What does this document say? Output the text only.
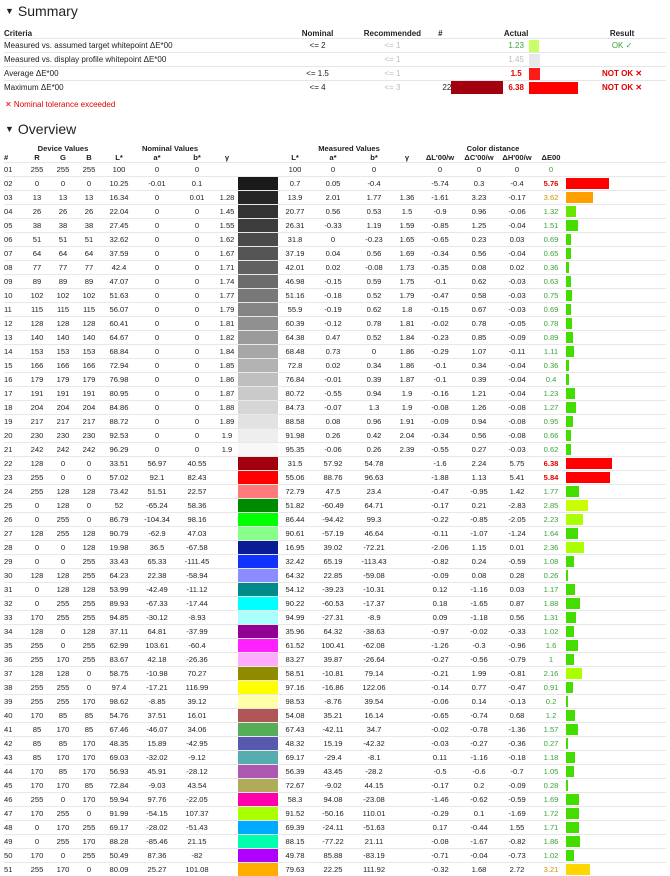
▼ Summary
Criteria	Nominal	Recommended	#		Actual		Result
Measured vs. assumed target whitepoint ΔE*00	<= 2	<= 1			1.23		OK ✓
Measured vs. display profile whitepoint ΔE*00		<= 1			1.45	

Average ΔE*00	<= 1.5	<= 1			1.5		NOT OK ✕
Maximum ΔE*00	<= 4	<= 3	22		6.38		NOT OK ✕
✕ Nominal tolerance exceeded
▼ Overview
	Device Values			Nominal Values					Measured Values				Color distance				
#	R	G	B	L*	a*	b*	γ		L*	a*	b*	γ	ΔL'00/w	ΔC'00/w	ΔH'00/w	ΔE00	
01	255	255	255	100	0	0			100	0	0		0	0	0	0	

02	0	0	0	10.25	-0.01	0.1			0.7	0.05	-0.4		-5.74	0.3	-0.4	5.76	

03	13	13	13	16.34	0	0.01	1.28		13.9	2.01	1.77	1.36	-1.61	3.23	-0.17	3.62	

04	26	26	26	22.04	0	0	1.45		20.77	0.56	0.53	1.5	-0.9	0.96	-0.06	1.32	

05	38	38	38	27.45	0	0	1.55		26.31	-0.33	1.19	1.59	-0.85	1.25	-0.04	1.51	

06	51	51	51	32.62	0	0	1.62		31.8	0	-0.23	1.65	-0.65	0.23	0.03	0.69	

07	64	64	64	37.59	0	0	1.67		37.19	0.04	0.56	1.69	-0.34	0.56	-0.04	0.65	

08	77	77	77	42.4	0	0	1.71		42.01	0.02	-0.08	1.73	-0.35	0.08	0.02	0.36	

09	89	89	89	47.07	0	0	1.74		46.98	-0.15	0.59	1.75	-0.1	0.62	-0.03	0.63	

10	102	102	102	51.63	0	0	1.77		51.16	-0.18	0.52	1.79	-0.47	0.58	-0.03	0.75	

11	115	115	115	56.07	0	0	1.79		55.9	-0.19	0.62	1.8	-0.15	0.67	-0.03	0.69	

12	128	128	128	60.41	0	0	1.81		60.39	-0.12	0.78	1.81	-0.02	0.78	-0.05	0.78	

13	140	140	140	64.67	0	0	1.82		64.38	0.47	0.52	1.84	-0.23	0.85	-0.09	0.89	

14	153	153	153	68.84	0	0	1.84		68.48	0.73	0	1.86	-0.29	1.07	-0.11	1.11	

15	166	166	166	72.94	0	0	1.85		72.8	0.02	0.34	1.86	-0.1	0.34	-0.04	0.36	

16	179	179	179	76.98	0	0	1.86		76.84	-0.01	0.39	1.87	-0.1	0.39	-0.04	0.4	

17	191	191	191	80.95	0	0	1.87		80.72	-0.55	0.94	1.9	-0.16	1.21	-0.04	1.23	

18	204	204	204	84.86	0	0	1.88		84.73	-0.07	1.3	1.9	-0.08	1.26	-0.08	1.27	

19	217	217	217	88.72	0	0	1.89		88.58	0.08	0.96	1.91	-0.09	0.94	-0.08	0.95	

20	230	230	230	92.53	0	0	1.9		91.98	0.26	0.42	2.04	-0.34	0.56	-0.08	0.66	

21	242	242	242	96.29	0	0	1.9		95.35	-0.06	0.26	2.39	-0.55	0.27	-0.03	0.62	

22	128	0	0	33.51	56.97	40.55			31.5	57.92	54.78		-1.6	2.24	5.75	6.38	

23	255	0	0	57.02	92.1	82.43			55.06	88.76	96.63		-1.88	1.13	5.41	5.84	

24	255	128	128	73.42	51.51	22.57			72.79	47.5	23.4		-0.47	-0.95	1.42	1.77	

25	0	128	0	52	-65.24	58.36			51.82	-60.49	64.71		-0.17	0.21	-2.83	2.85	

26	0	255	0	86.79	-104.34	98.16			86.44	-94.42	99.3		-0.22	-0.85	-2.05	2.23	

27	128	255	128	90.79	-62.9	47.03			90.61	-57.19	46.64		-0.11	-1.07	-1.24	1.64	

28	0	0	128	19.98	36.5	-67.58			16.95	39.02	-72.21		-2.06	1.15	0.01	2.36	

29	0	0	255	33.43	65.33	-111.45			32.42	65.19	-113.43		-0.82	0.24	-0.59	1.08	

30	128	128	255	64.23	22.38	-58.94			64.32	22.85	-59.08		-0.09	0.08	0.28	0.26	

31	0	128	128	53.99	-42.49	-11.12			54.12	-39.23	-10.31		0.12	-1.16	0.03	1.17	

32	0	255	255	89.93	-67.33	-17.44			90.22	-60.53	-17.37		0.18	-1.65	0.87	1.88	

33	170	255	255	94.85	-30.12	-8.93			94.99	-27.31	-8.9		0.09	-1.18	0.56	1.31	

34	128	0	128	37.11	64.81	-37.99			35.96	64.32	-38.63		-0.97	-0.02	-0.33	1.02	

35	255	0	255	62.99	103.61	-60.4			61.52	100.41	-62.08		-1.26	-0.3	-0.96	1.6	

36	255	170	255	83.67	42.18	-26.36			83.27	39.87	-26.64		-0.27	-0.56	-0.79	1	

37	128	128	0	58.75	-10.98	70.27			58.51	-10.81	79.14		-0.21	1.99	-0.81	2.16	

38	255	255	0	97.4	-17.21	116.99			97.16	-16.86	122.06		-0.14	0.77	-0.47	0.91	

39	255	255	170	98.62	-8.85	39.12			98.53	-8.76	39.54		-0.06	0.14	-0.13	0.2	

40	170	85	85	54.76	37.51	16.01			54.08	35.21	16.14		-0.65	-0.74	0.68	1.2	

41	85	170	85	67.46	-46.07	34.06			67.43	-42.11	34.7		-0.02	-0.78	-1.36	1.57	

42	85	85	170	48.35	15.89	-42.95			48.32	15.19	-42.32		-0.03	-0.27	-0.36	0.27	

43	85	170	170	69.03	-32.02	-9.12			69.17	-29.4	-8.1		0.11	-1.16	-0.18	1.18	

44	170	85	170	56.93	45.91	-28.12			56.39	43.45	-28.2		-0.5	-0.6	-0.7	1.05	

45	170	170	85	72.84	-9.03	43.54			72.67	-9.02	44.15		-0.17	0.2	-0.09	0.28	

46	255	0	170	59.94	97.76	-22.05			58.3	94.08	-23.08		-1.46	-0.62	-0.59	1.69	

47	170	255	0	91.99	-54.15	107.37			91.52	-50.16	110.01		-0.29	0.1	-1.69	1.72	

48	0	170	255	69.17	-28.02	-51.43			69.39	-24.11	-51.63		0.17	-0.44	1.55	1.71	

49	0	255	170	88.28	-85.46	21.15			88.15	-77.22	21.11		-0.08	-1.67	-0.82	1.86	

50	170	0	255	50.49	87.36	-82			49.78	85.88	-83.19		-0.71	-0.04	-0.73	1.02	

51	255	170	0	80.09	25.27	101.08			79.63	22.25	111.92		-0.32	1.68	2.72	3.21	
